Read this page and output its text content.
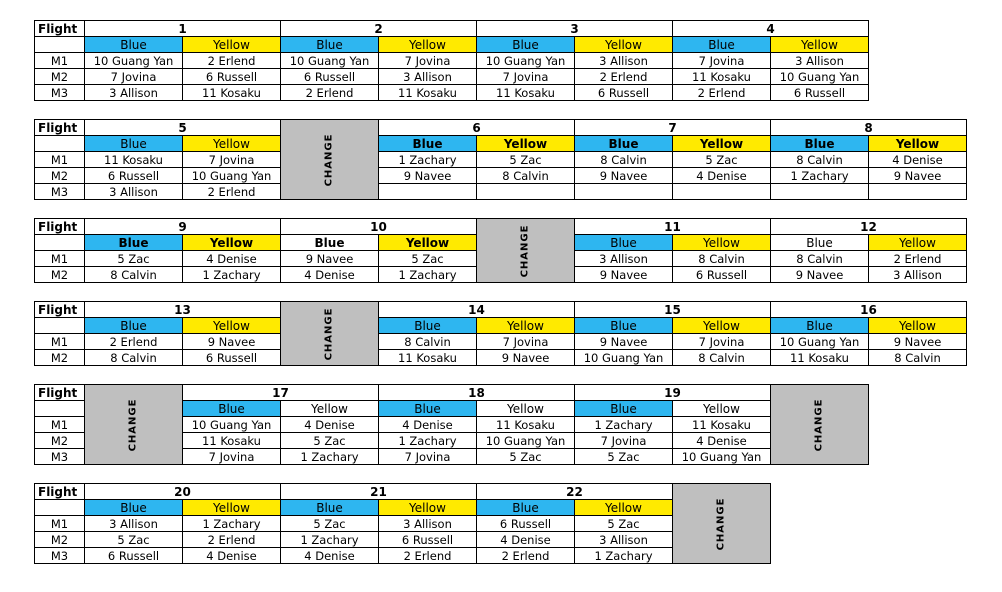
Flight	1		2		3		4	
	Blue	Yellow	Blue	Yellow	Blue	Yellow	Blue	Yellow
M1	10 Guang Yan	2 Erlend	10 Guang Yan	7 Jovina	10 Guang Yan	3 Allison	7 Jovina	3 Allison
M2	7 Jovina	6 Russell	6 Russell	3 Allison	7 Jovina	2 Erlend	11 Kosaku	10 Guang Yan
M3	3 Allison	11 Kosaku	2 Erlend	11 Kosaku	11 Kosaku	6 Russell	2 Erlend	6 Russell
Flight	5		CHANGE	6		7		8	
	Blue	Yellow		Blue	Yellow	Blue	Yellow	Blue	Yellow
M1	11 Kosaku	7 Jovina		1 Zachary	5 Zac	8 Calvin	5 Zac	8 Calvin	4 Denise
M2	6 Russell	10 Guang Yan		9 Navee	8 Calvin	9 Navee	4 Denise	1 Zachary	9 Navee
M3	3 Allison	2 Erlend							
Flight	9		10		CHANGE	11		12	
	Blue	Yellow	Blue	Yellow		Blue	Yellow	Blue	Yellow
M1	5 Zac	4 Denise	9 Navee	5 Zac		3 Allison	8 Calvin	8 Calvin	2 Erlend
M2	8 Calvin	1 Zachary	4 Denise	1 Zachary		9 Navee	6 Russell	9 Navee	3 Allison
Flight	13		CHANGE	14		15		16	
	Blue	Yellow		Blue	Yellow	Blue	Yellow	Blue	Yellow
M1	2 Erlend	9 Navee		8 Calvin	7 Jovina	9 Navee	7 Jovina	10 Guang Yan	9 Navee
M2	8 Calvin	6 Russell		11 Kosaku	9 Navee	10 Guang Yan	8 Calvin	11 Kosaku	8 Calvin
Flight	CHANGE	17		18		19		CHANGE

		Blue	Yellow	Blue	Yellow	Blue	Yellow	
M1		10 Guang Yan	4 Denise	4 Denise	11 Kosaku	1 Zachary	11 Kosaku	
M2		11 Kosaku	5 Zac	1 Zachary	10 Guang Yan	7 Jovina	4 Denise	
M3		7 Jovina	1 Zachary	7 Jovina	5 Zac	5 Zac	10 Guang Yan	
Flight	20		21		22		CHANGE

	Blue	Yellow	Blue	Yellow	Blue	Yellow	
M1	3 Allison	1 Zachary	5 Zac	3 Allison	6 Russell	5 Zac	
M2	5 Zac	2 Erlend	1 Zachary	6 Russell	4 Denise	3 Allison	
M3	6 Russell	4 Denise	4 Denise	2 Erlend	2 Erlend	1 Zachary	
